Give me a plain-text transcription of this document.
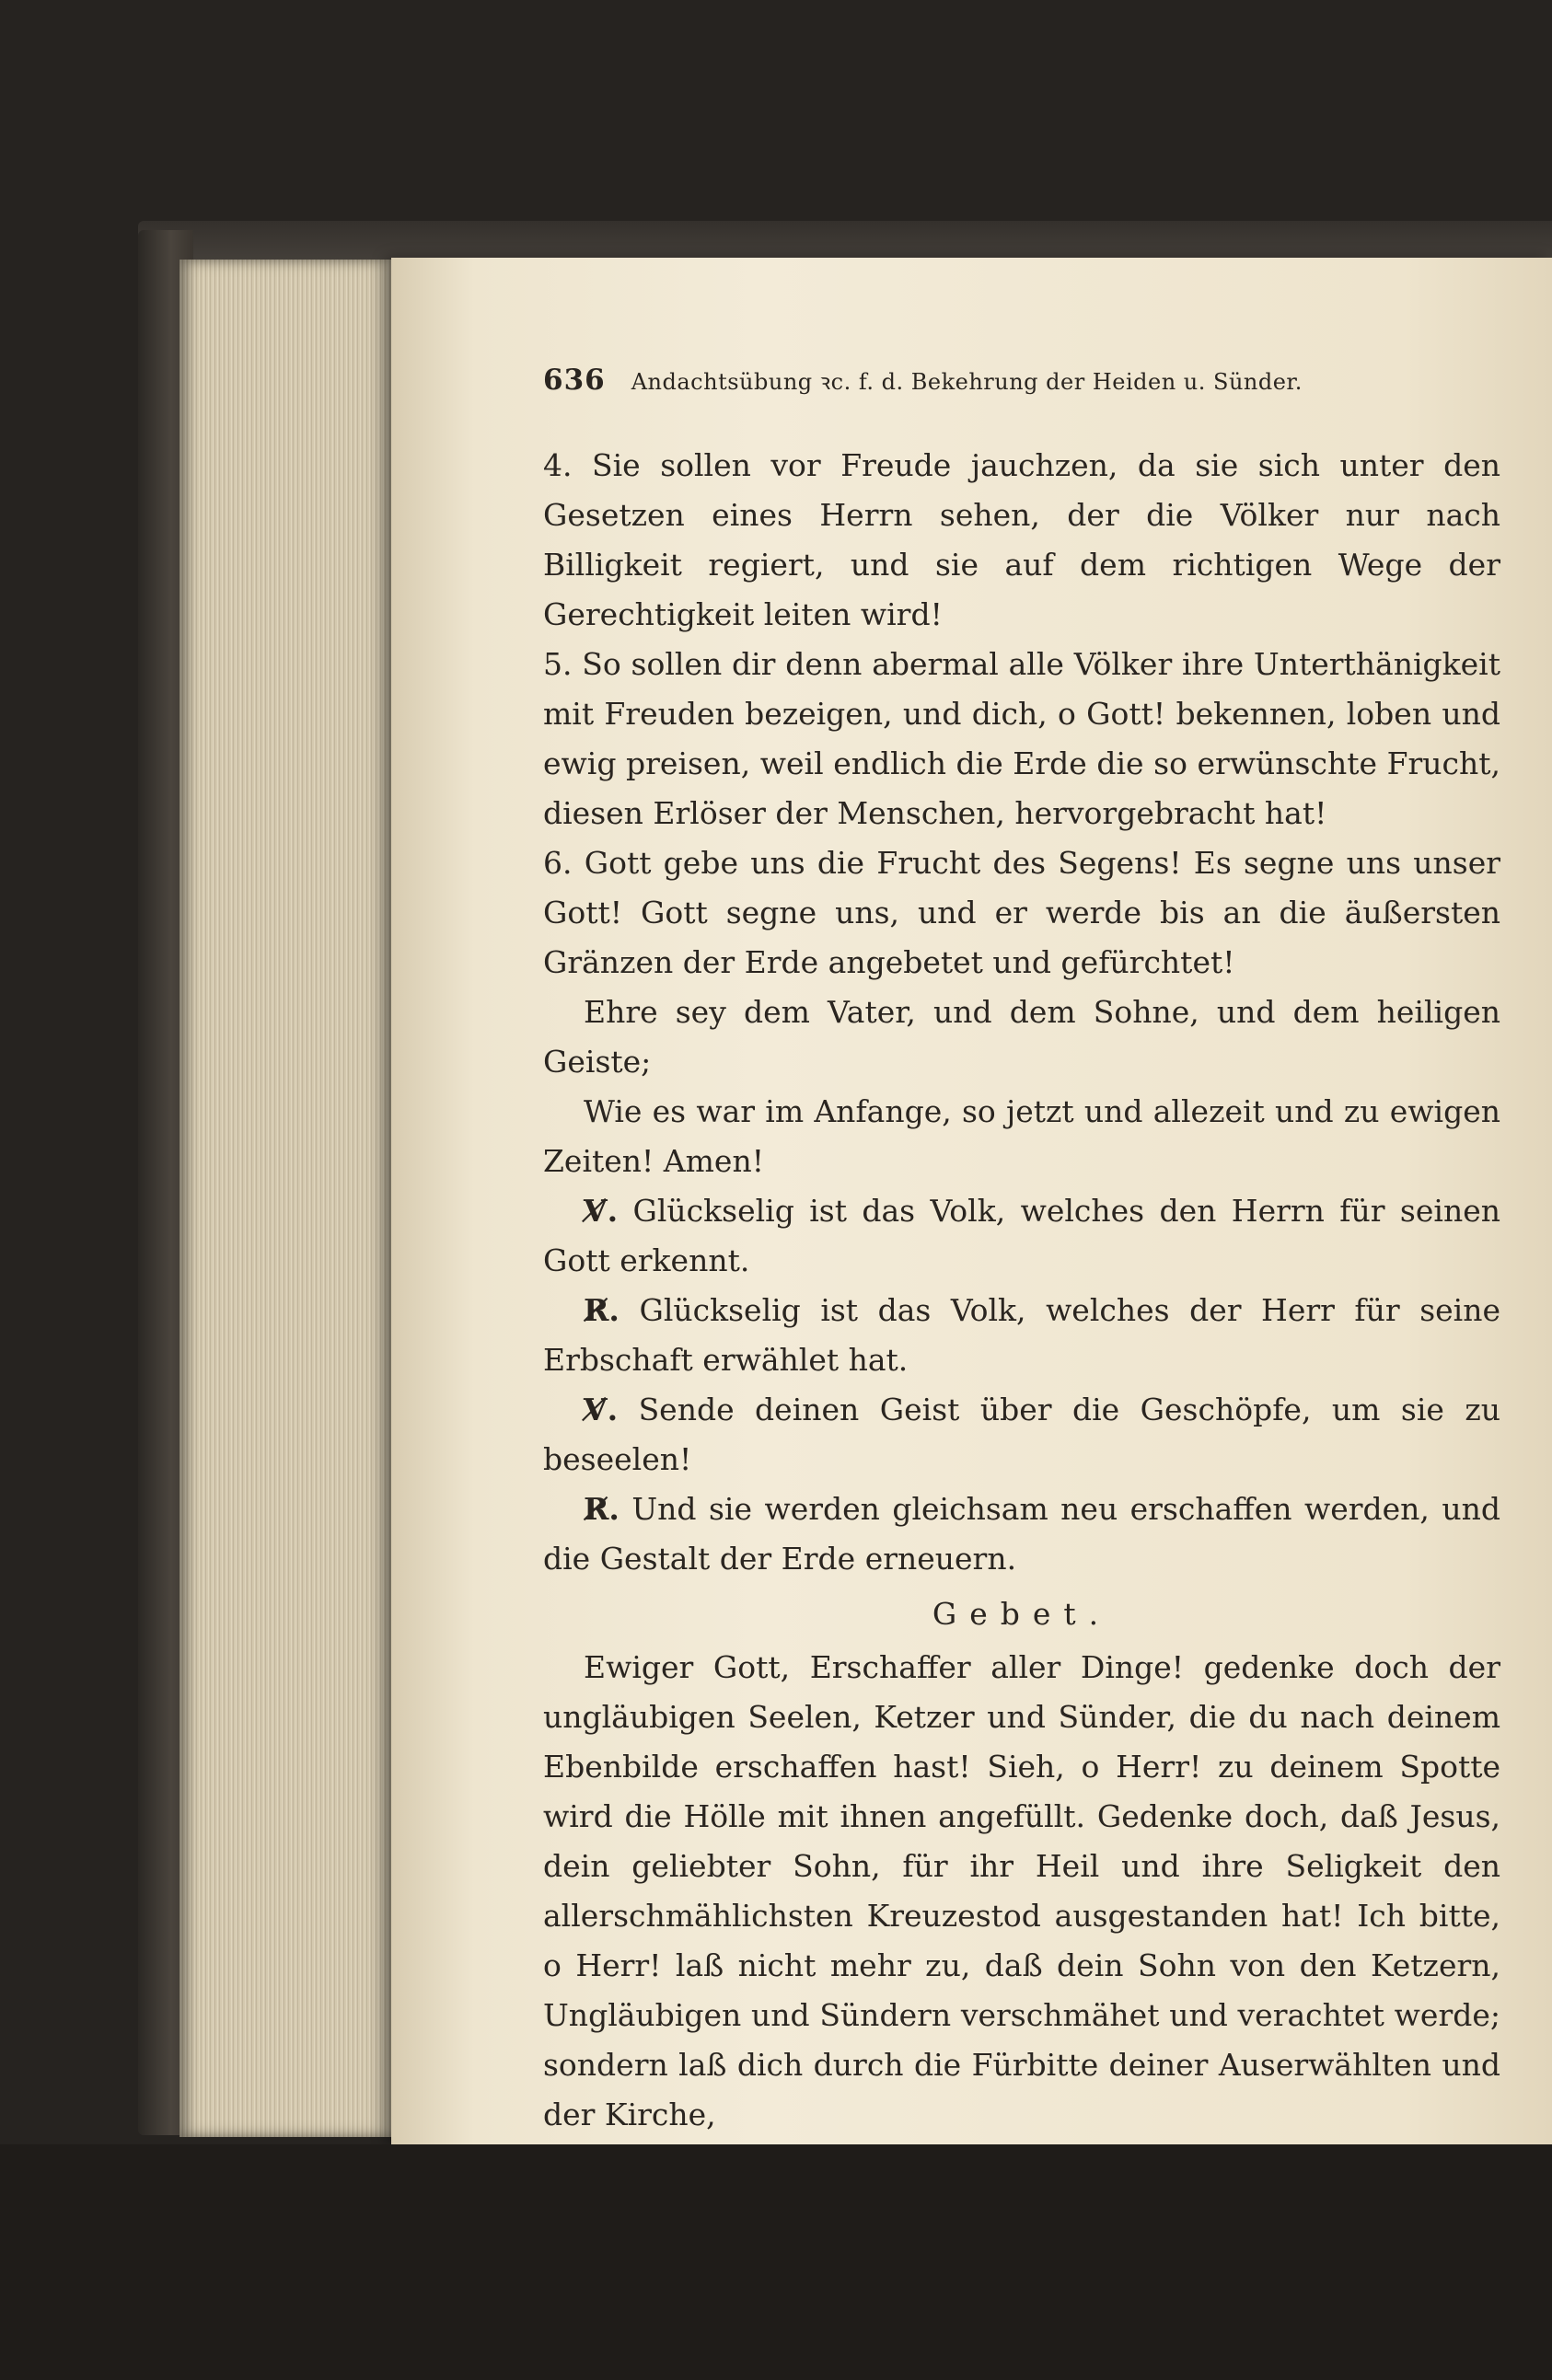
636 Andachtsübung ꝛc. f. d. Bekehrung der Heiden u. Sünder.

4. Sie sollen vor Freude jauchzen, da sie sich unter den Gesetzen eines Herrn sehen, der die Völker nur nach Billigkeit regiert, und sie auf dem richtigen Wege der Gerechtigkeit leiten wird!

5. So sollen dir denn abermal alle Völker ihre Unterthänigkeit mit Freuden bezeigen, und dich, o Gott! bekennen, loben und ewig preisen, weil endlich die Erde die so erwünschte Frucht, diesen Erlöser der Menschen, hervorgebracht hat!

6. Gott gebe uns die Frucht des Segens! Es segne uns unser Gott! Gott segne uns, und er werde bis an die äußersten Gränzen der Erde angebetet und gefürchtet!

Ehre sey dem Vater, und dem Sohne, und dem heiligen Geiste;

Wie es war im Anfange, so jetzt und allezeit und zu ewigen Zeiten! Amen!

V̸. Glückselig ist das Volk, welches den Herrn für seinen Gott erkennt.

R̸. Glückselig ist das Volk, welches der Herr für seine Erbschaft erwählet hat.

V̸. Sende deinen Geist über die Geschöpfe, um sie zu beseelen!

R̸. Und sie werden gleichsam neu erschaffen werden, und die Gestalt der Erde erneuern.

Gebet.

Ewiger Gott, Erschaffer aller Dinge! gedenke doch der ungläubigen Seelen, Ketzer und Sünder, die du nach deinem Ebenbilde erschaffen hast! Sieh, o Herr! zu deinem Spotte wird die Hölle mit ihnen angefüllt. Gedenke doch, daß Jesus, dein geliebter Sohn, für ihr Heil und ihre Seligkeit den allerschmählichsten Kreuzestod ausgestanden hat! Ich bitte, o Herr! laß nicht mehr zu, daß dein Sohn von den Ketzern, Ungläubigen und Sündern verschmähet und verachtet werde; sondern laß dich durch die Fürbitte deiner Auserwählten und der Kirche,
